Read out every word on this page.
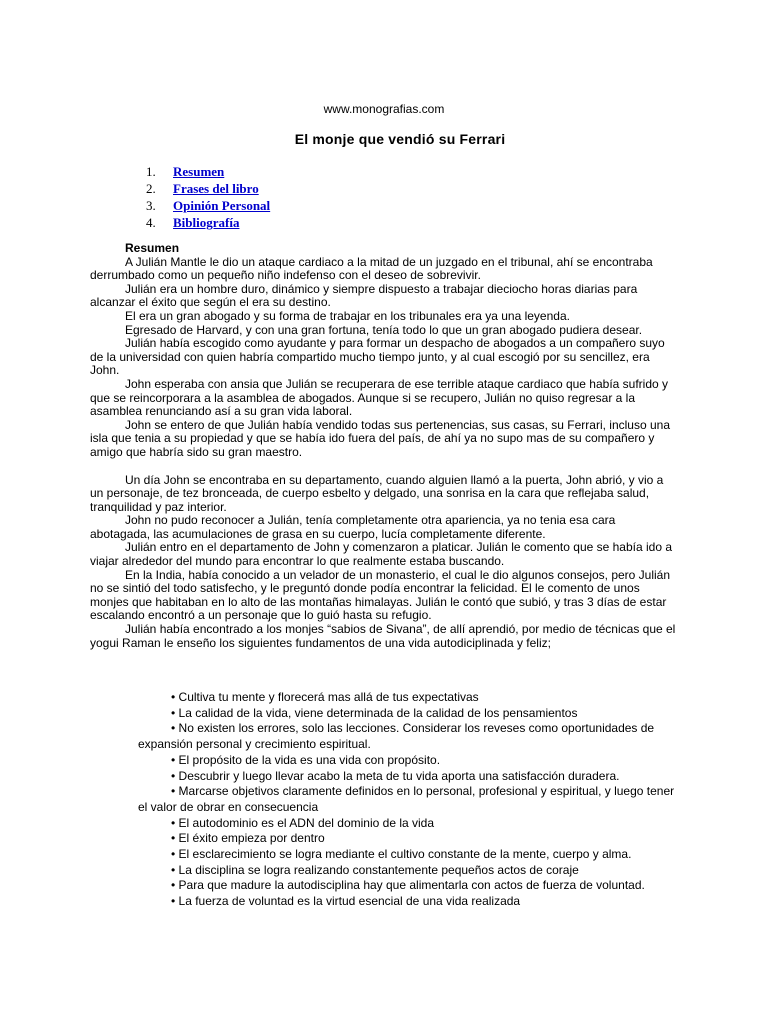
www.monografias.com
El monje que vendió su Ferrari
1.	Resumen
2.	Frases del libro
3.	Opinión Personal
4.	Bibliografía

Resumen

A Julián Mantle le dio un ataque cardiaco a la mitad de un juzgado en el tribunal, ahí se encontraba derrumbado como un pequeño niño indefenso con el deseo de sobrevivir.

Julián era un hombre duro, dinámico y siempre dispuesto a trabajar dieciocho horas diarias para alcanzar el éxito que según el era su destino.

El era un gran abogado y su forma de trabajar en los tribunales era ya una leyenda.

Egresado de Harvard, y con una gran fortuna, tenía todo lo que un gran abogado pudiera desear.

Julián había escogido como ayudante y para formar un despacho de abogados a un compañero suyo de la universidad con quien habría compartido mucho tiempo junto, y al cual escogió por su sencillez, era John.

John esperaba con ansia que Julián se recuperara de ese terrible ataque cardiaco que había sufrido y que se reincorporara a la asamblea de abogados. Aunque si se recupero, Julián no quiso regresar a la asamblea renunciando así a su gran vida laboral.

John se entero de que Julián había vendido todas sus pertenencias, sus casas, su Ferrari, incluso una isla que tenia a su propiedad y que se había ido fuera del país, de ahí ya no supo mas de su compañero y amigo que habría sido su gran maestro.

Un día John se encontraba en su departamento, cuando alguien llamó a la puerta, John abrió, y vio a un personaje, de tez bronceada, de cuerpo esbelto y delgado, una sonrisa en la cara que reflejaba salud, tranquilidad y paz interior.

John no pudo reconocer a Julián, tenía completamente otra apariencia, ya no tenia esa cara abotagada, las acumulaciones de grasa en su cuerpo, lucía completamente diferente.

Julián entro en el departamento de John y comenzaron a platicar. Julián le comento que se había ido a viajar alrededor del mundo para encontrar lo que realmente estaba buscando.

En la India, había conocido a un velador de un monasterio, el cual le dio algunos consejos, pero Julián no se sintió del todo satisfecho, y le preguntó donde podía encontrar la felicidad. El le comento de unos monjes que habitaban en lo alto de las montañas himalayas. Julián le contó que subió, y tras 3 días de estar escalando encontró a un personaje que lo guió hasta su refugio.

Julián había encontrado a los monjes “sabios de Sivana”, de allí aprendió, por medio de técnicas que el yogui Raman le enseño los siguientes fundamentos de una vida autodiciplinada y feliz;

• Cultiva tu mente y florecerá mas allá de tus expectativas

• La calidad de la vida, viene determinada de la calidad de los pensamientos

• No existen los errores, solo las lecciones. Considerar los reveses como oportunidades de expansión personal y crecimiento espiritual.

• El propósito de la vida es una vida con propósito.

• Descubrir y luego llevar acabo la meta de tu vida aporta una satisfacción duradera.

• Marcarse objetivos claramente definidos en lo personal, profesional y espiritual, y luego tener el valor de obrar en consecuencia

• El autodominio es el ADN del dominio de la vida

• El éxito empieza por dentro

• El esclarecimiento se logra mediante el cultivo constante de la mente, cuerpo y alma.

• La disciplina se logra realizando constantemente pequeños actos de coraje

• Para que madure la autodisciplina hay que alimentarla con actos de fuerza de voluntad.

• La fuerza de voluntad es la virtud esencial de una vida realizada
